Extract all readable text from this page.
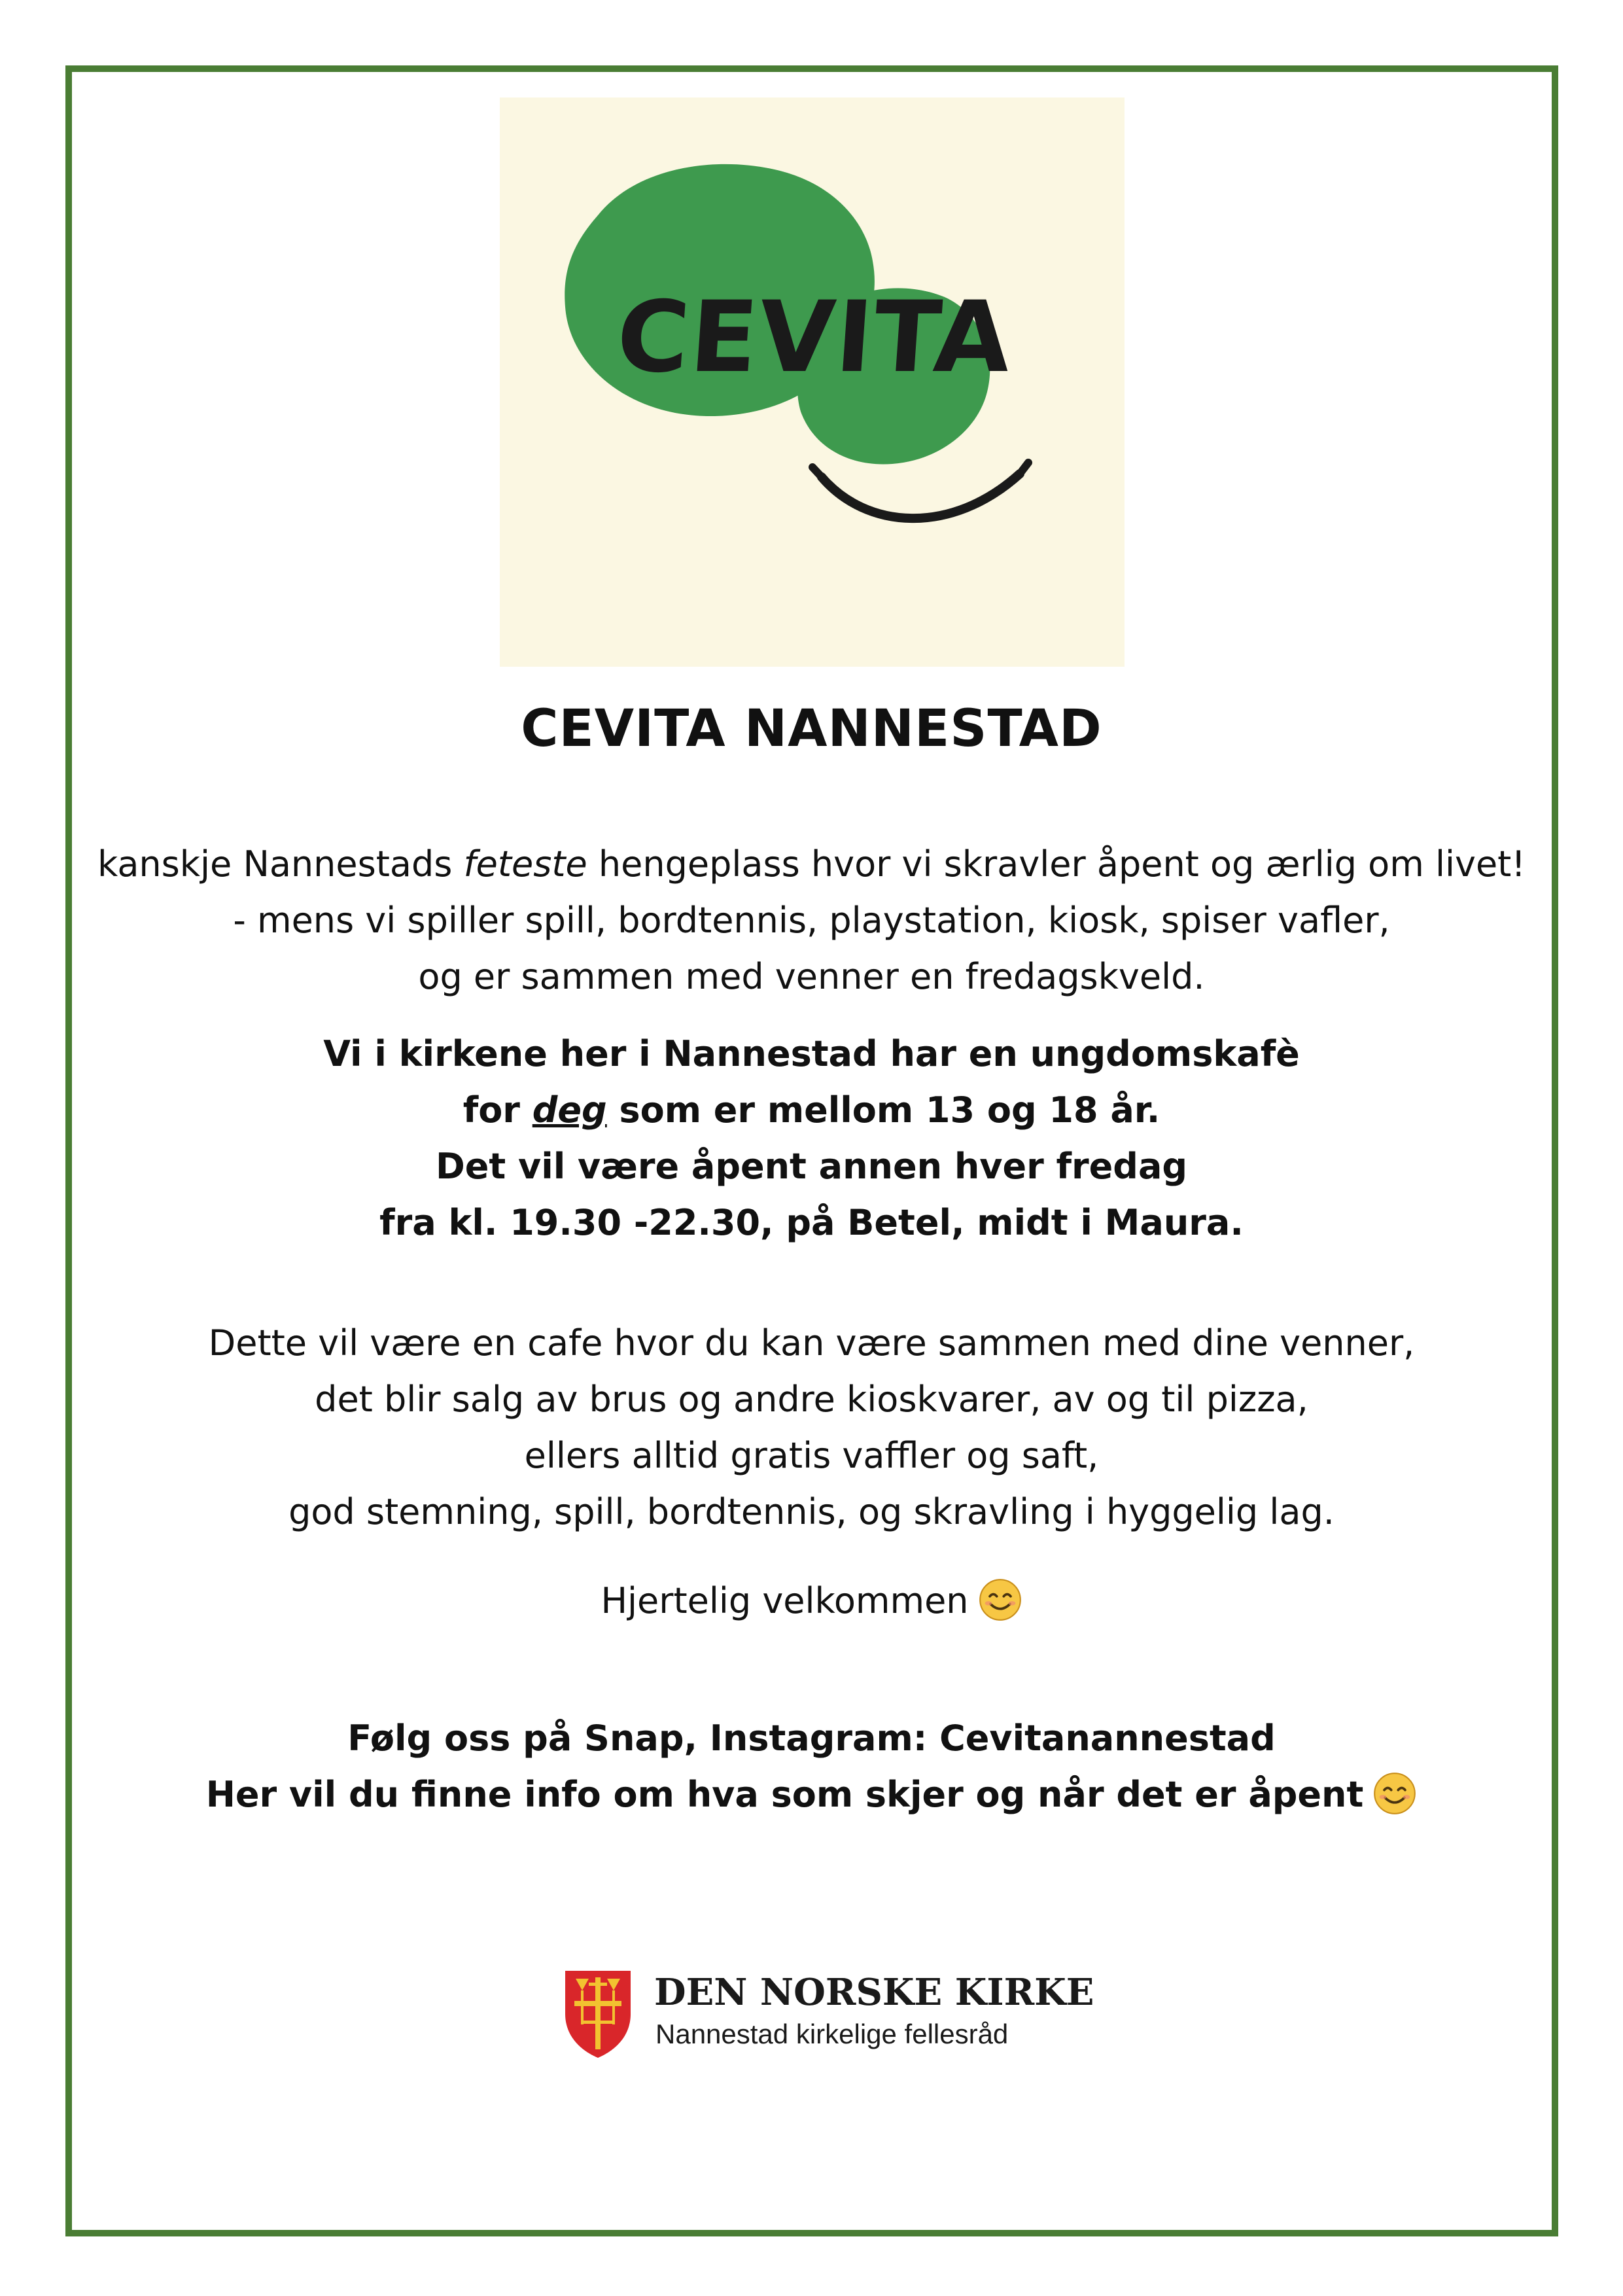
CEVITA
CEVITA NANNESTAD
kanskje Nannestads feteste hengeplass hvor vi skravler åpent og ærlig om livet!
- mens vi spiller spill, bordtennis, playstation, kiosk, spiser vafler,
og er sammen med venner en fredagskveld.
Vi i kirkene her i Nannestad har en ungdomskafè
for deg som er mellom 13 og 18 år.
Det vil være åpent annen hver fredag
fra kl. 19.30 -22.30, på Betel, midt i Maura.
Dette vil være en cafe hvor du kan være sammen med dine venner,
det blir salg av brus og andre kioskvarer, av og til pizza,
ellers alltid gratis vaffler og saft,
god stemning, spill, bordtennis, og skravling i hyggelig lag.
Hjertelig velkommen
Følg oss på Snap, Instagram: Cevitanannestad
Her vil du finne info om hva som skjer og når det er åpent
DEN NORSKE KIRKE
Nannestad kirkelige fellesråd
